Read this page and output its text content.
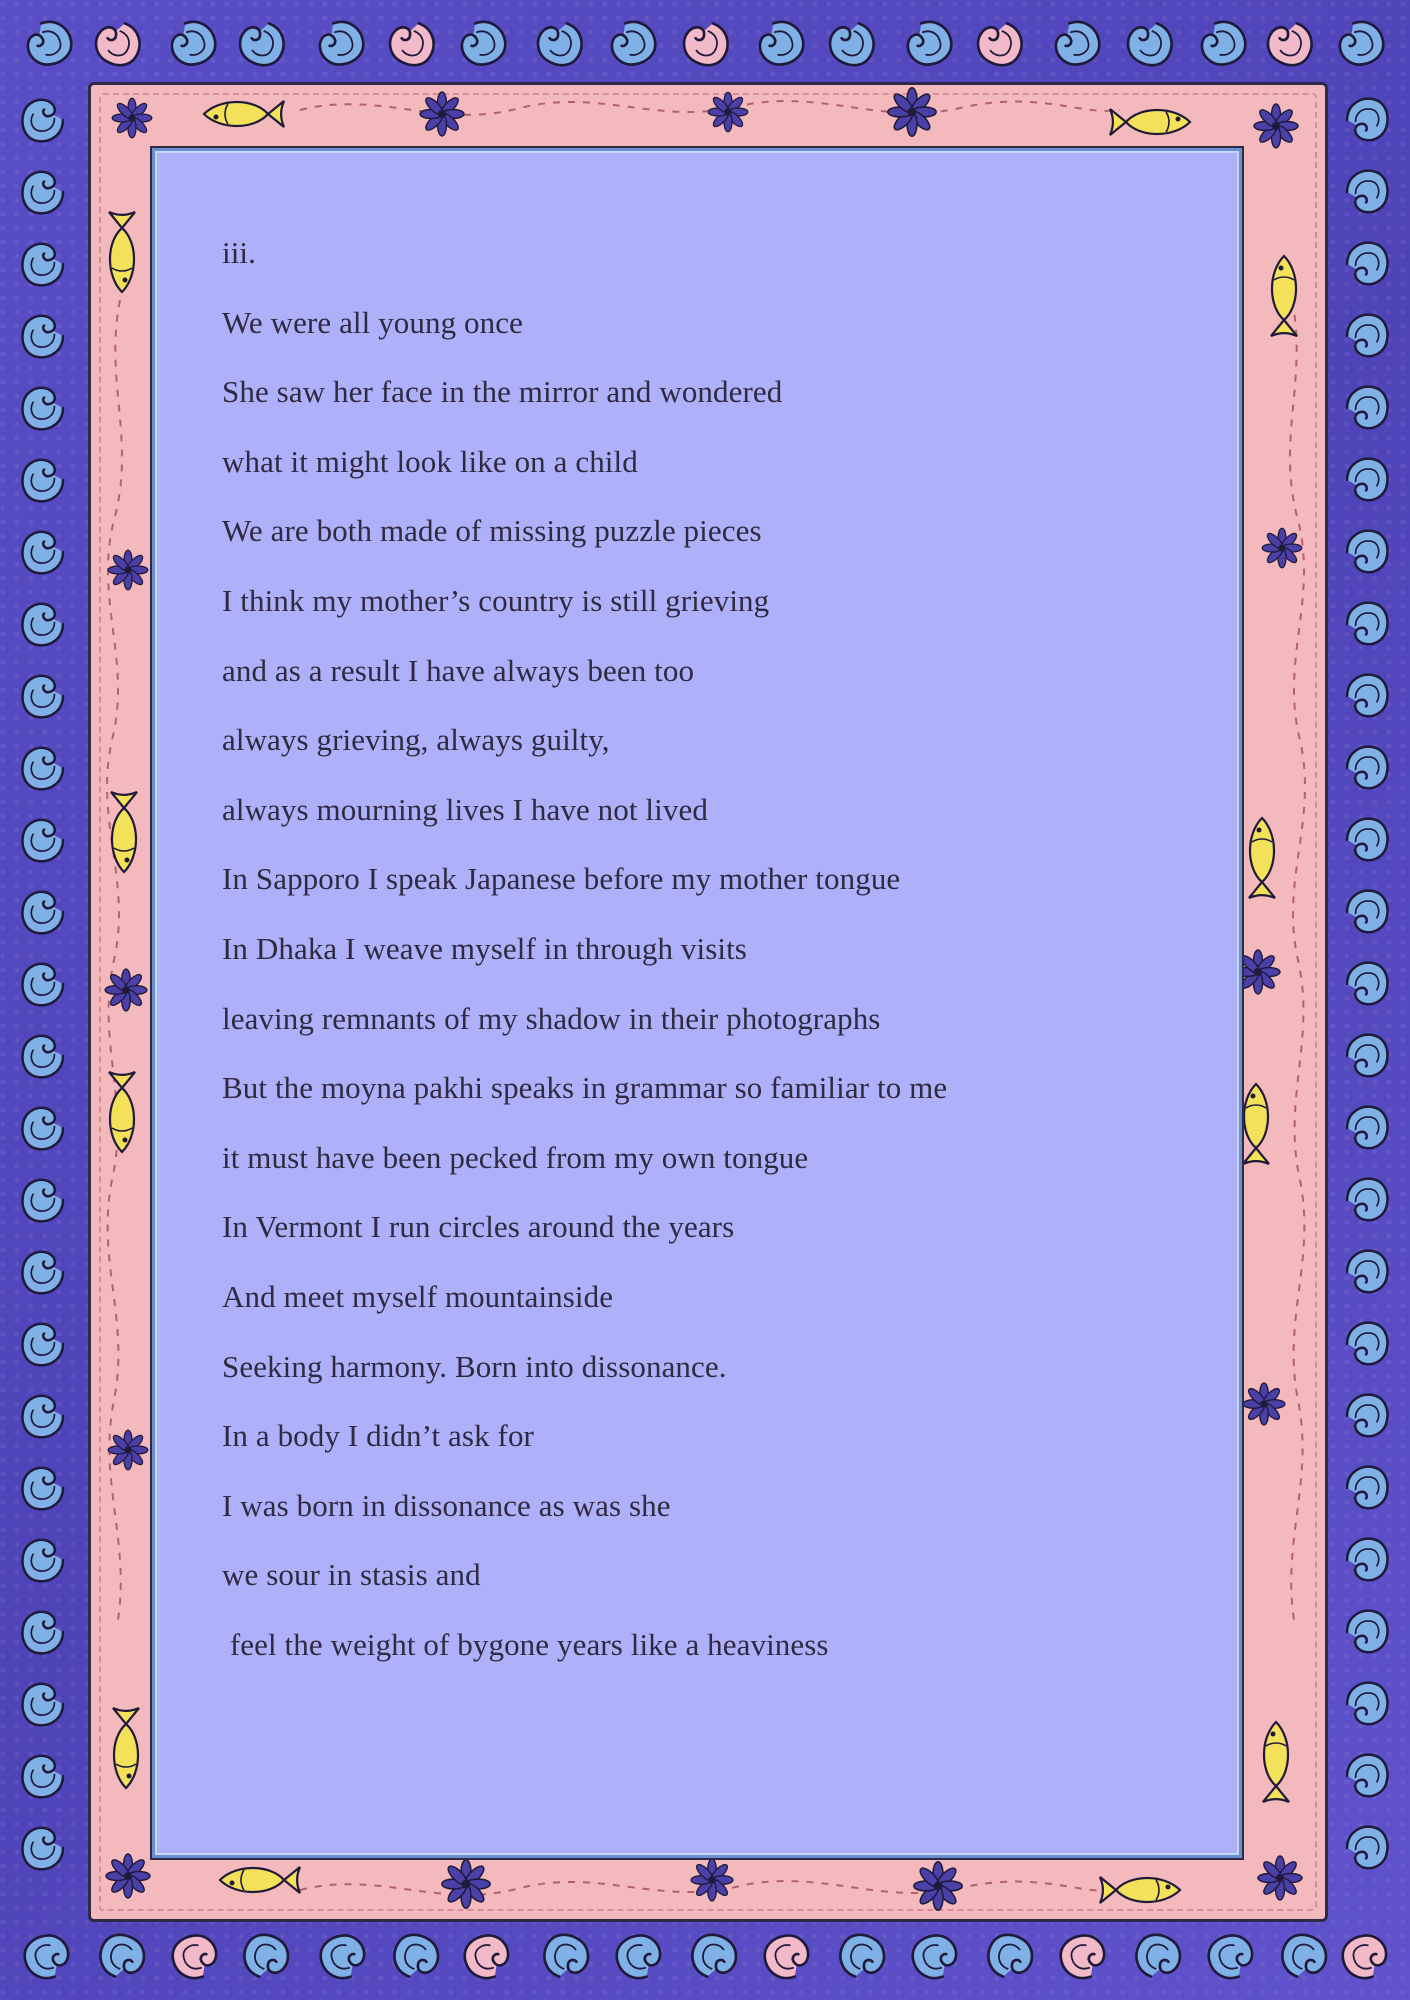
iii.
We were all young once
She saw her face in the mirror and wondered
what it might look like on a child
We are both made of missing puzzle pieces
I think my mother’s country is still grieving
and as a result I have always been too
always grieving, always guilty,
always mourning lives I have not lived
In Sapporo I speak Japanese before my mother tongue
In Dhaka I weave myself in through visits
leaving remnants of my shadow in their photographs
But the moyna pakhi speaks in grammar so familiar to me
it must have been pecked from my own tongue
In Vermont I run circles around the years
And meet myself mountainside
Seeking harmony. Born into dissonance.
In a body I didn’t ask for
I was born in dissonance as was she
we sour in stasis and
feel the weight of bygone years like a heaviness
